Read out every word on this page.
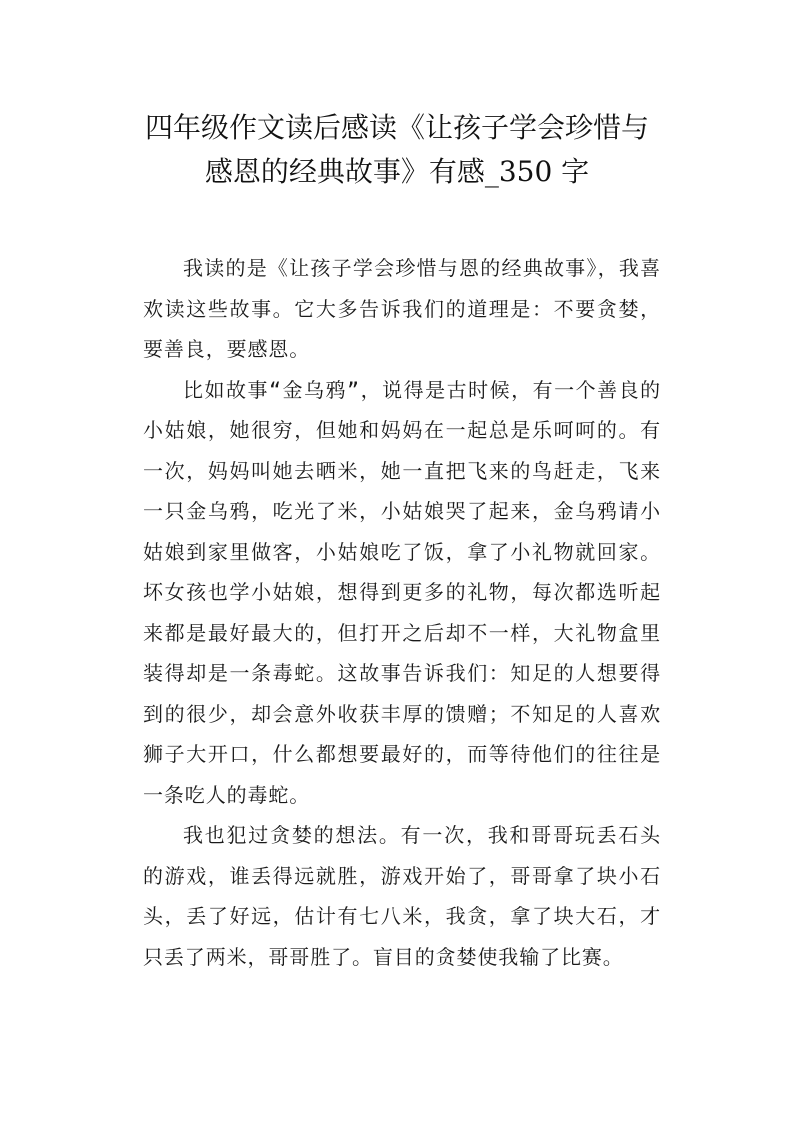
四年级作文读后感读《让孩子学会珍惜与
感恩的经典故事》有感_350 字

我读的是《让孩子学会珍惜与恩的经典故事》，我喜欢读这些故事。它大多告诉我们的道理是：不要贪婪，要善良，要感恩。

比如故事“金乌鸦”，说得是古时候，有一个善良的小姑娘，她很穷，但她和妈妈在一起总是乐呵呵的。有一次，妈妈叫她去晒米，她一直把飞来的鸟赶走，飞来一只金乌鸦，吃光了米，小姑娘哭了起来，金乌鸦请小姑娘到家里做客，小姑娘吃了饭，拿了小礼物就回家。坏女孩也学小姑娘，想得到更多的礼物，每次都选听起来都是最好最大的，但打开之后却不一样，大礼物盒里装得却是一条毒蛇。这故事告诉我们：知足的人想要得到的很少，却会意外收获丰厚的馈赠；不知足的人喜欢狮子大开口，什么都想要最好的，而等待他们的往往是一条吃人的毒蛇。

我也犯过贪婪的想法。有一次，我和哥哥玩丢石头的游戏，谁丢得远就胜，游戏开始了，哥哥拿了块小石头，丢了好远，估计有七八米，我贪，拿了块大石，才只丢了两米，哥哥胜了。盲目的贪婪使我输了比赛。
